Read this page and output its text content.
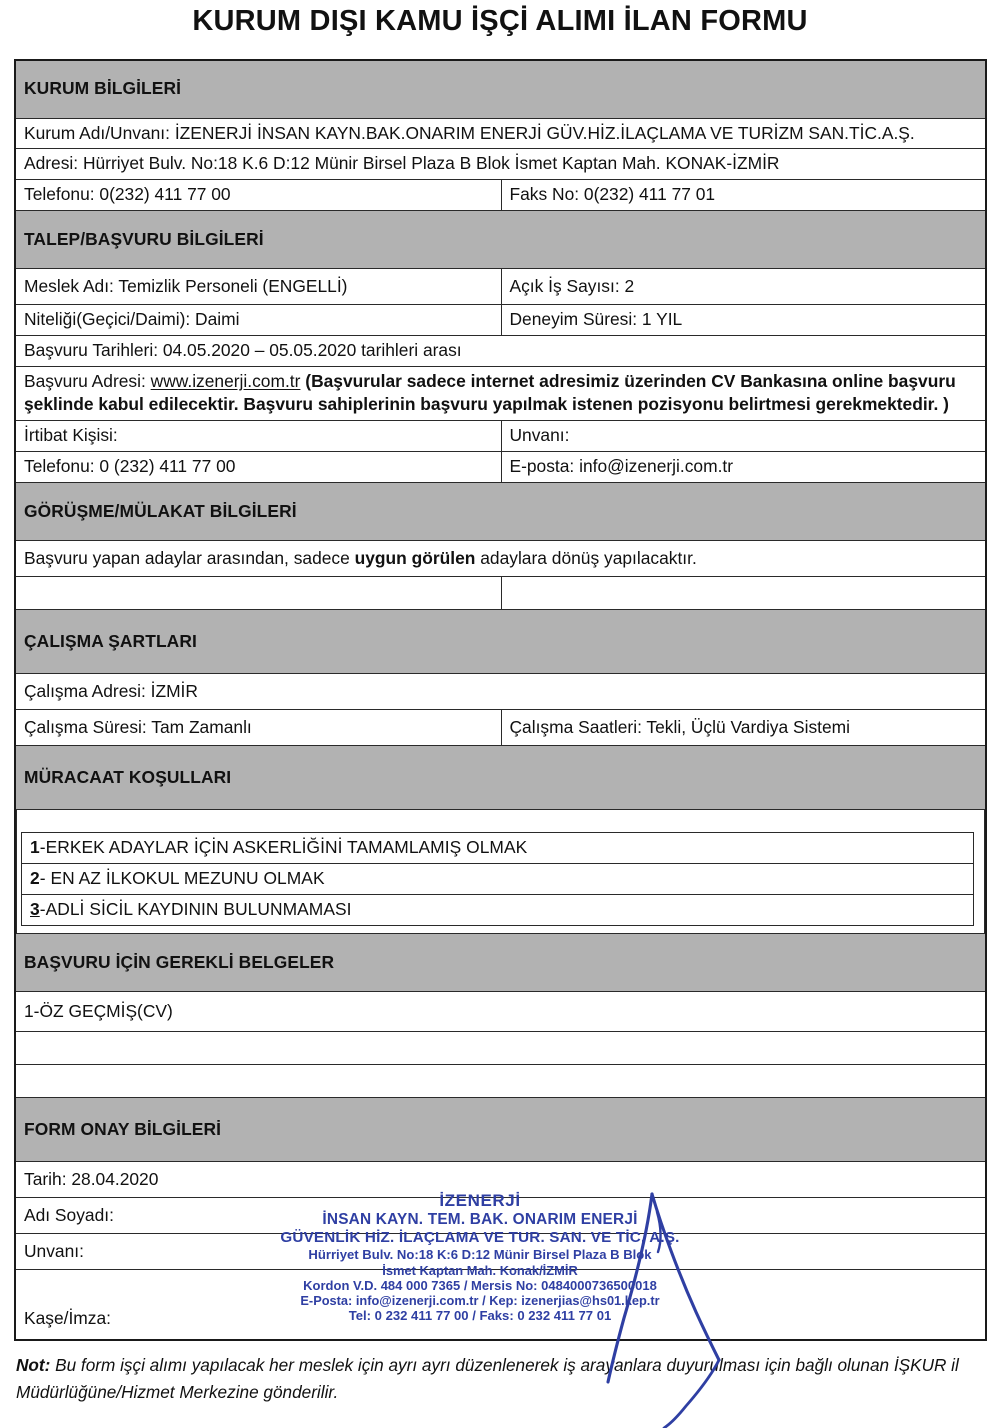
KURUM DIŞI KAMU İŞÇİ ALIMI İLAN FORMU
KURUM BİLGİLERİ
Kurum Adı/Unvanı: İZENERJİ İNSAN KAYN.BAK.ONARIM ENERJİ GÜV.HİZ.İLAÇLAMA VE TURİZM SAN.TİC.A.Ş.
Adresi: Hürriyet Bulv. No:18 K.6 D:12 Münir Birsel Plaza B Blok İsmet Kaptan Mah. KONAK-İZMİR
Telefonu: 0(232) 411 77 00	Faks No: 0(232) 411 77 01
TALEP/BAŞVURU BİLGİLERİ
Meslek Adı: Temizlik Personeli (ENGELLİ)	Açık İş Sayısı: 2
Niteliği(Geçici/Daimi): Daimi	Deneyim Süresi: 1 YIL
Başvuru Tarihleri: 04.05.2020 – 05.05.2020 tarihleri arası
Başvuru Adresi: www.izenerji.com.tr (Başvurular sadece internet adresimiz üzerinden CV Bankasına online başvuru şeklinde kabul edilecektir. Başvuru sahiplerinin başvuru yapılmak istenen pozisyonu belirtmesi gerekmektedir. )
İrtibat Kişisi:	Unvanı:
Telefonu: 0 (232) 411 77 00	E-posta: info@izenerji.com.tr
GÖRÜŞME/MÜLAKAT BİLGİLERİ
Başvuru yapan adaylar arasından, sadece uygun görülen adaylara dönüş yapılacaktır.

ÇALIŞMA ŞARTLARI
Çalışma Adresi: İZMİR
Çalışma Süresi: Tam Zamanlı	Çalışma Saatleri: Tekli, Üçlü Vardiya Sistemi
MÜRACAAT KOŞULLARI

1-ERKEK ADAYLAR İÇİN ASKERLİĞİNİ TAMAMLAMIŞ OLMAK
2- EN AZ İLKOKUL MEZUNU OLMAK
3-ADLİ SİCİL KAYDININ BULUNMAMASI

BAŞVURU İÇİN GEREKLİ BELGELER
1-ÖZ GEÇMİŞ(CV)

FORM ONAY BİLGİLERİ
Tarih: 28.04.2020
Adı Soyadı:
Unvanı:
Kaşe/İmza:
İZENERJİ
İNSAN KAYN. TEM. BAK. ONARIM ENERJİ
GÜVENLİK HİZ. İLAÇLAMA VE TUR. SAN. VE TİC. A.Ş.
Hürriyet Bulv. No:18 K:6 D:12 Münir Birsel Plaza B Blok
İsmet Kaptan Mah. Konak/İZMİR
Kordon V.D. 484 000 7365 / Mersis No: 0484000736500018
E-Posta: info@izenerji.com.tr / Kep: izenerjias@hs01.kep.tr
Tel: 0 232 411 77 00 / Faks: 0 232 411 77 01
Not: Bu form işçi alımı yapılacak her meslek için ayrı ayrı düzenlenerek iş arayanlara duyurulması için bağlı olunan İŞKUR il Müdürlüğüne/Hizmet Merkezine gönderilir.
